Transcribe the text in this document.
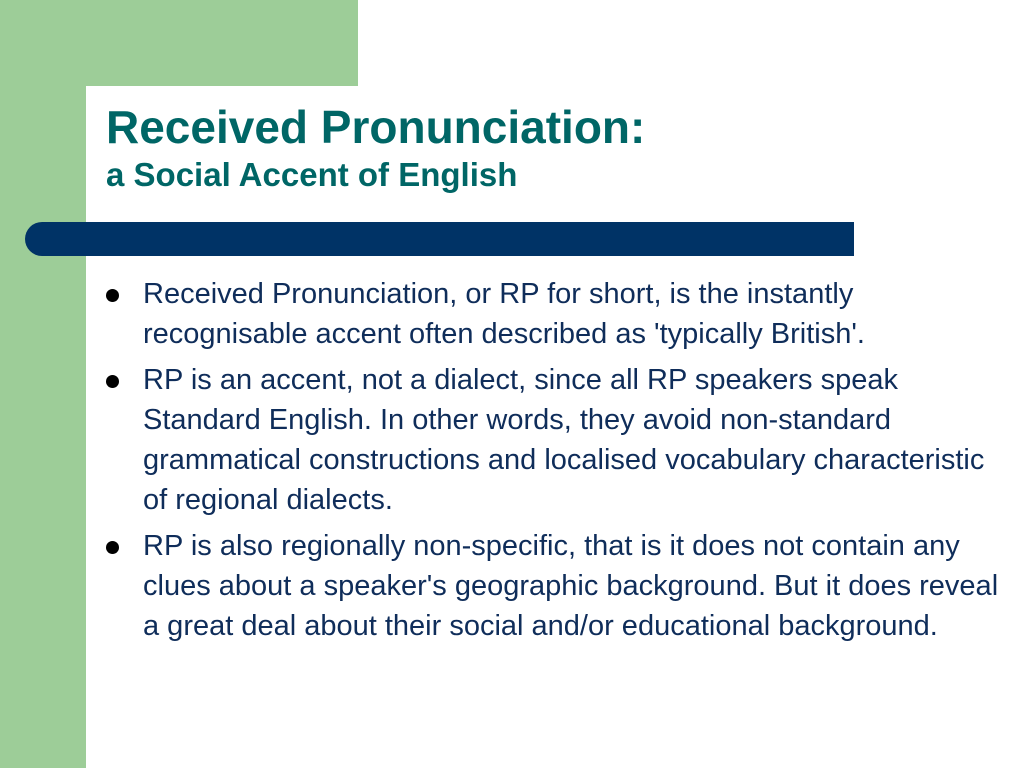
Received Pronunciation:
a Social Accent of English
Received Pronunciation, or RP for short, is the instantly recognisable accent often described as 'typically British'.
RP is an accent, not a dialect, since all RP speakers speak Standard English. In other words, they avoid non-standard grammatical constructions and localised vocabulary characteristic of regional dialects.
RP is also regionally non-specific, that is it does not contain any clues about a speaker's geographic background. But it does reveal a great deal about their social and/or educational background.
